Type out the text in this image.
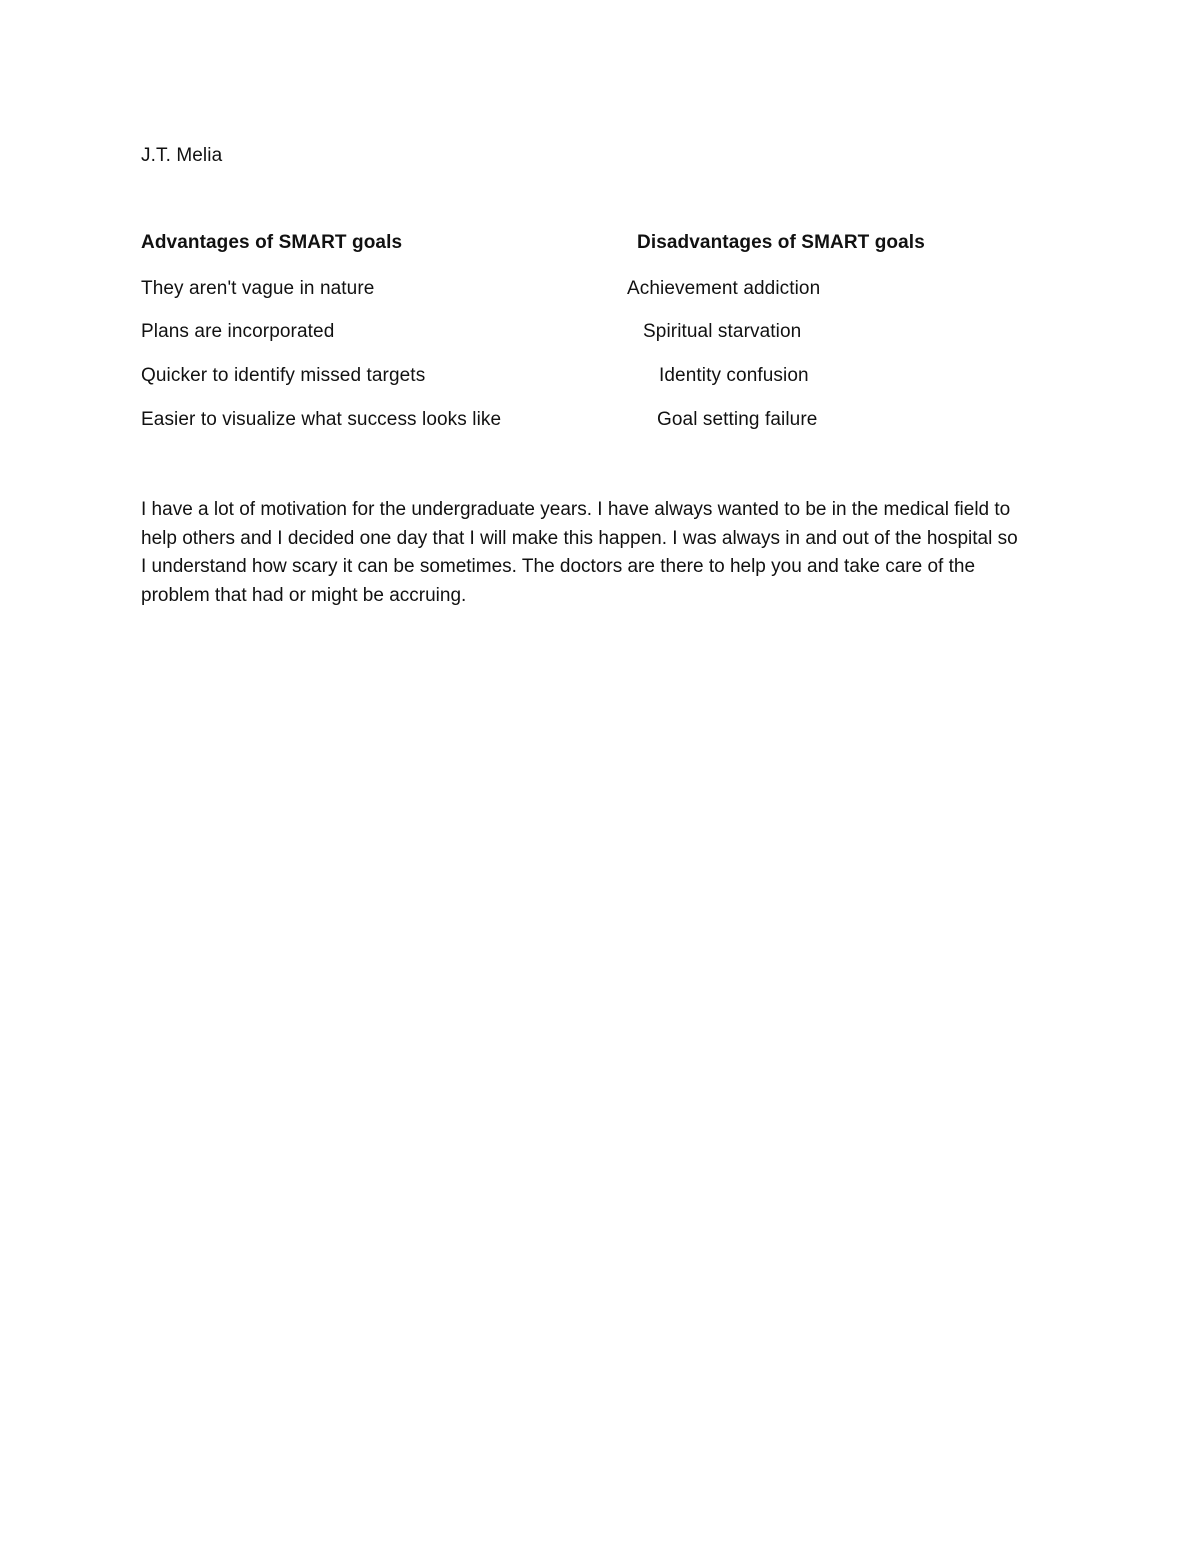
J.T. Melia
Advantages of SMART goals	Disadvantages of SMART goals
They aren't vague in nature
Plans are incorporated
Quicker to identify missed targets
Easier to visualize what success looks like
Achievement addiction
Spiritual starvation
Identity confusion
Goal setting failure
I have a lot of motivation for the undergraduate years. I have always wanted to be in the medical field to
help others and I decided one day that I will make this happen. I was always in and out of the hospital so
I understand how scary it can be sometimes. The doctors are there to help you and take care of the
problem that had or might be accruing.
